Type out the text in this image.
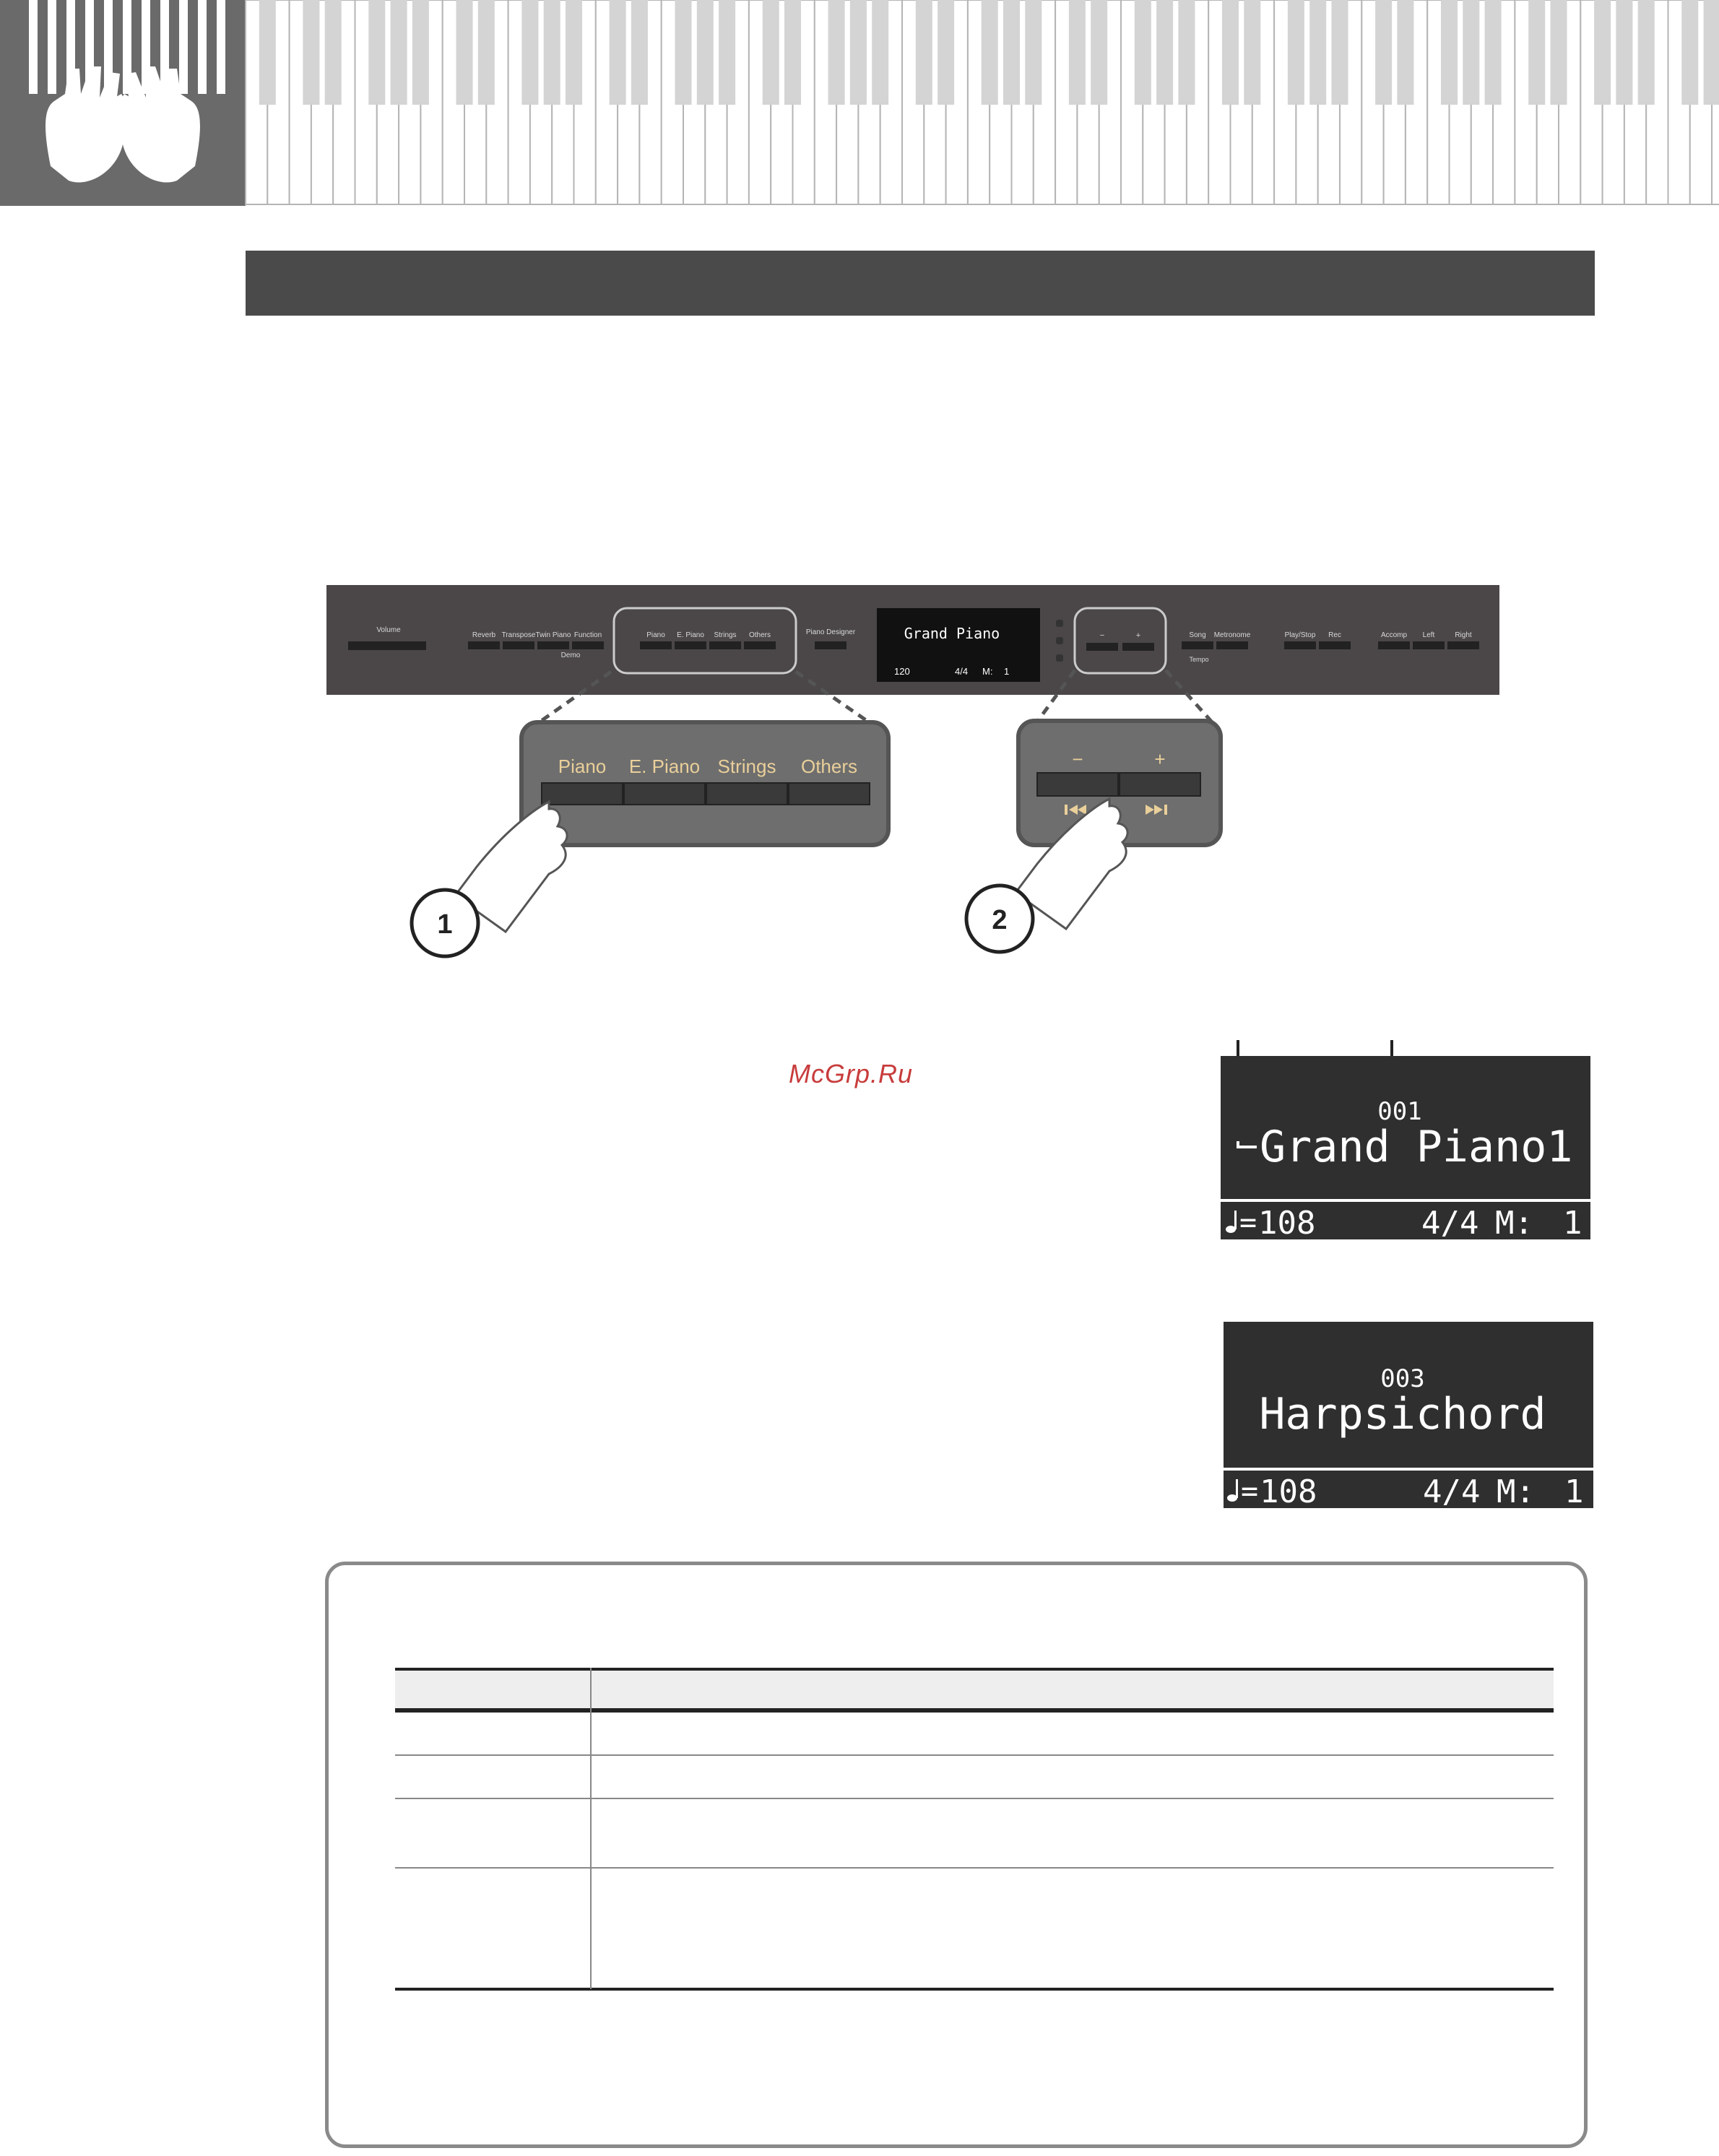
Volume
Reverb Transpose Twin Piano Function
Demo
Piano E. Piano Strings Others	Piano Designer	Grand Piano
120	4/4 M: 1
−	+	Song Metronome	Play/Stop Rec	Accomp Left	Right
Tempo
Piano E. Piano Strings Others	−	+
1	2
McGrp.Ru
001
Grand Piano1
= 108	4/4 M: 1
003
Harpsichord
= 108	4/4 M: 1
